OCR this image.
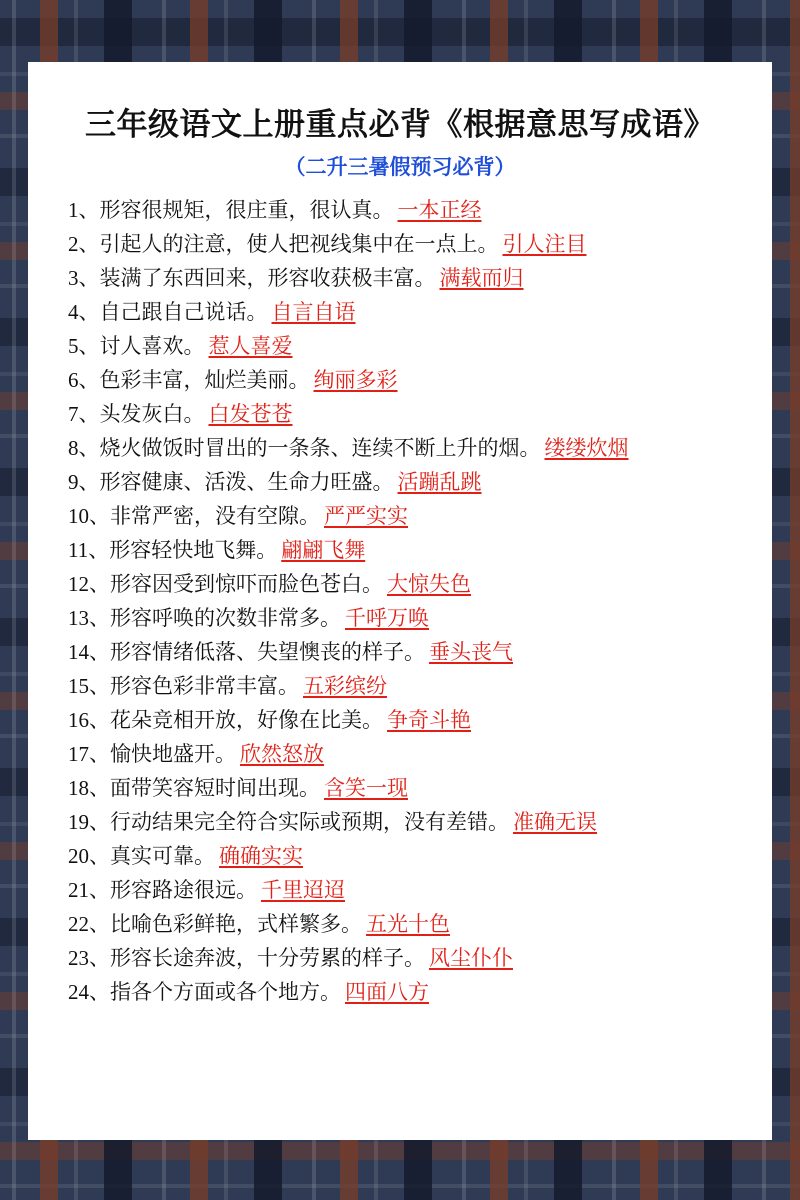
三年级语文上册重点必背《根据意思写成语》
（二升三暑假预习必背）
1、 形容很规矩，很庄重，很认真。 一本正经
2、 引起人的注意，使人把视线集中在一点上。 引人注目
3、 装满了东西回来，形容收获极丰富。 满载而归
4、 自己跟自己说话。 自言自语
5、 讨人喜欢。 惹人喜爱
6、 色彩丰富，灿烂美丽。 绚丽多彩
7、 头发灰白。 白发苍苍
8、 烧火做饭时冒出的一条条、连续不断上升的烟。 缕缕炊烟
9、 形容健康、活泼、生命力旺盛。 活蹦乱跳
10、 非常严密，没有空隙。 严严实实
11、 形容轻快地飞舞。 翩翩飞舞
12、 形容因受到惊吓而脸色苍白。 大惊失色
13、 形容呼唤的次数非常多。 千呼万唤
14、 形容情绪低落、失望懊丧的样子。 垂头丧气
15、 形容色彩非常丰富。 五彩缤纷
16、 花朵竞相开放，好像在比美。 争奇斗艳
17、 愉快地盛开。 欣然怒放
18、 面带笑容短时间出现。 含笑一现
19、 行动结果完全符合实际或预期，没有差错。 准确无误
20、 真实可靠。 确确实实
21、 形容路途很远。 千里迢迢
22、 比喻色彩鲜艳，式样繁多。 五光十色
23、 形容长途奔波，十分劳累的样子。 风尘仆仆
24、 指各个方面或各个地方。 四面八方
